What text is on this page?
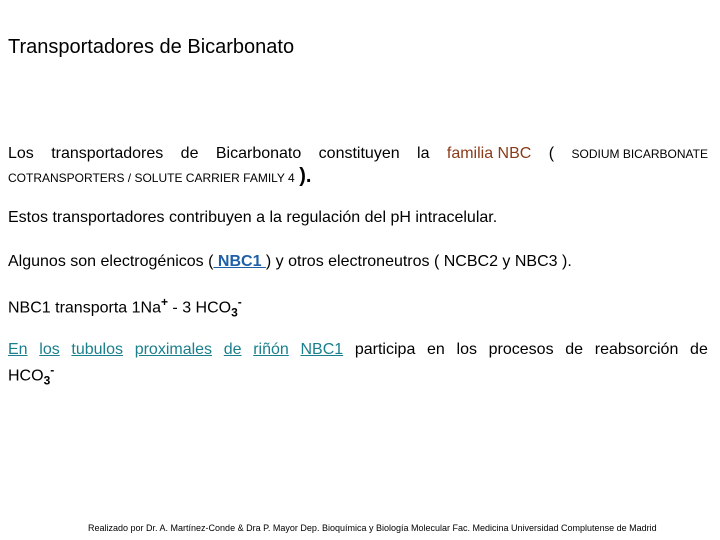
Transportadores de Bicarbonato
Los transportadores de Bicarbonato constituyen la familia NBC ( SODIUM BICARBONATE
COTRANSPORTERS / SOLUTE CARRIER FAMILY 4 ).
Estos transportadores contribuyen a la regulación del pH intracelular.
Algunos son electrogénicos ( NBC1 ) y otros electroneutros ( NCBC2 y NBC3 ).
NBC1 transporta 1Na+ - 3 $HCO_3^-$
En los tubulos proximales de riñón NBC1 participa en los procesos de reabsorción de
$HCO_3^-$
Realizado por Dr. A. Martínez-Conde & Dra P. Mayor Dep. Bioquímica y Biología Molecular Fac. Medicina Universidad Complutense de Madrid
